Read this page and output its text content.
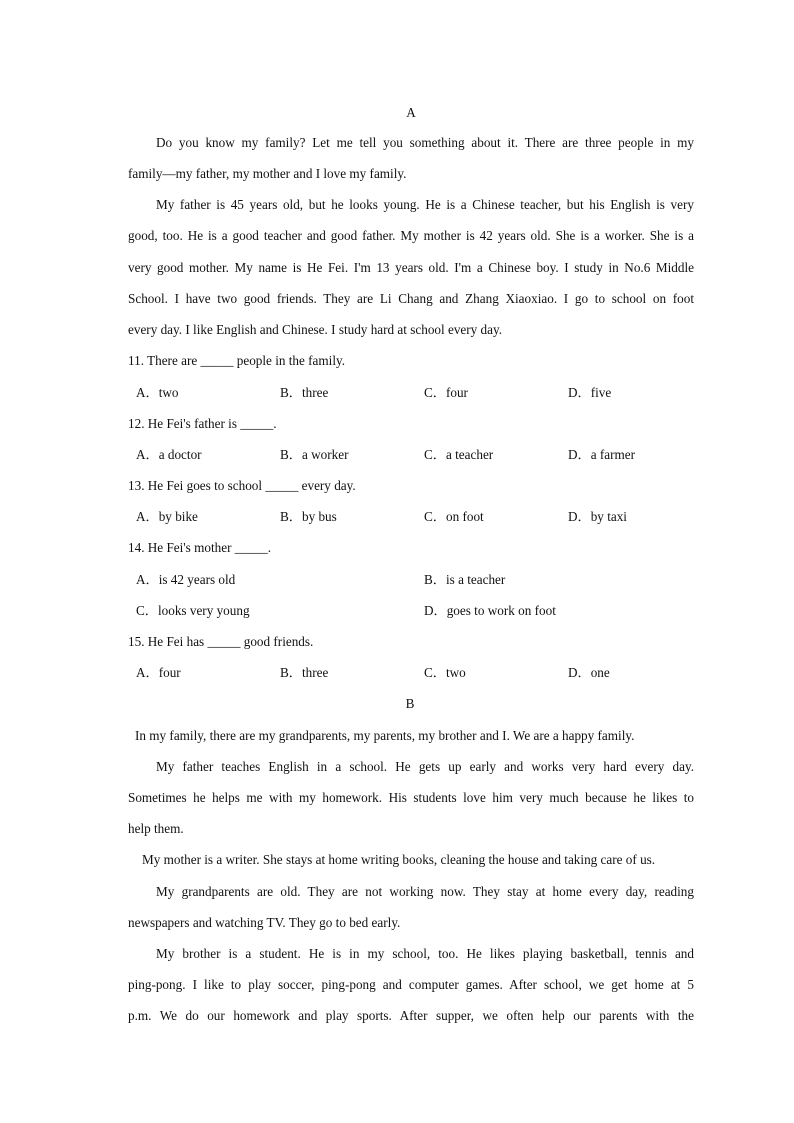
A
Do you know my family? Let me tell you something about it. There are three people in my
family—my father, my mother and I love my family.
My father is 45 years old, but he looks young. He is a Chinese teacher, but his English is very
good, too. He is a good teacher and good father. My mother is 42 years old. She is a worker. She is a
very good mother. My name is He Fei. I'm 13 years old. I'm a Chinese boy. I study in No.6 Middle
School. I have two good friends. They are Li Chang and Zhang Xiaoxiao. I go to school on foot
every day. I like English and Chinese. I study hard at school every day.
11. There are _____ people in the family.
A．two	B．three	C．four	D．five
12. He Fei's father is _____.
A．a doctor	B．a worker	C．a teacher	D．a farmer
13. He Fei goes to school _____ every day.
A．by bike	B．by bus	C．on foot	D．by taxi
14. He Fei's mother _____.
A．is 42 years old	B．is a teacher
C．looks very young	D．goes to work on foot
15. He Fei has _____ good friends.
A．four	B．three	C．two	D．one
B
In my family, there are my grandparents, my parents, my brother and I. We are a happy family.
My father teaches English in a school. He gets up early and works very hard every day.
Sometimes he helps me with my homework. His students love him very much because he likes to
help them.
My mother is a writer. She stays at home writing books, cleaning the house and taking care of us.
My grandparents are old. They are not working now. They stay at home every day, reading
newspapers and watching TV. They go to bed early.
My brother is a student. He is in my school, too. He likes playing basketball, tennis and
ping-pong. I like to play soccer, ping-pong and computer games. After school, we get home at 5
p.m. We do our homework and play sports. After supper, we often help our parents with the
